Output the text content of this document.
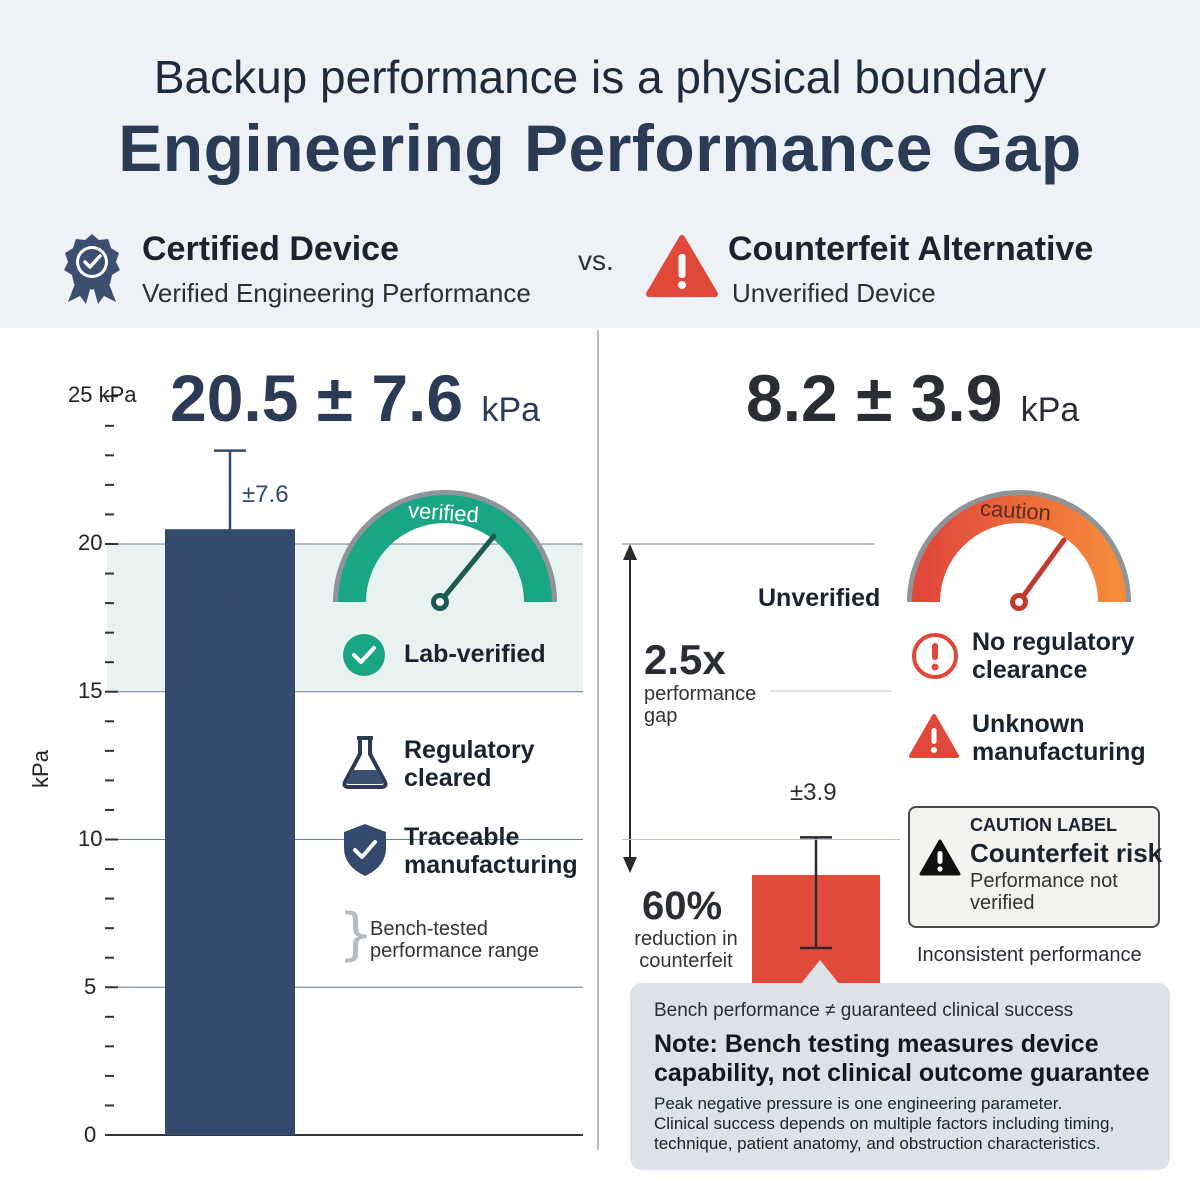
Backup performance is a physical boundary
Engineering Performance Gap
Certified Device
Verified Engineering Performance
vs.	Counterfeit Alternative
Unverified Device
25 kPa
20
15
10
5
0
kPa
20.5 ± 7.6 kPa
±7.6
verified
Lab-verified
Regulatory
cleared
Traceable
manufacturing
}
Bench-tested
performance range
8.2 ± 3.9 kPa
caution
Unverified
2.5x
performance
gap
No regulatory
clearance
Unknown
manufacturing
±3.9
CAUTION LABEL
Counterfeit risk
Performance not
verified
Inconsistent performance
60%
reduction in
counterfeit
Bench performance ≠ guaranteed clinical success
Note: Bench testing measures device
capability, not clinical outcome guarantee
Peak negative pressure is one engineering parameter.
Clinical success depends on multiple factors including timing,
technique, patient anatomy, and obstruction characteristics.
